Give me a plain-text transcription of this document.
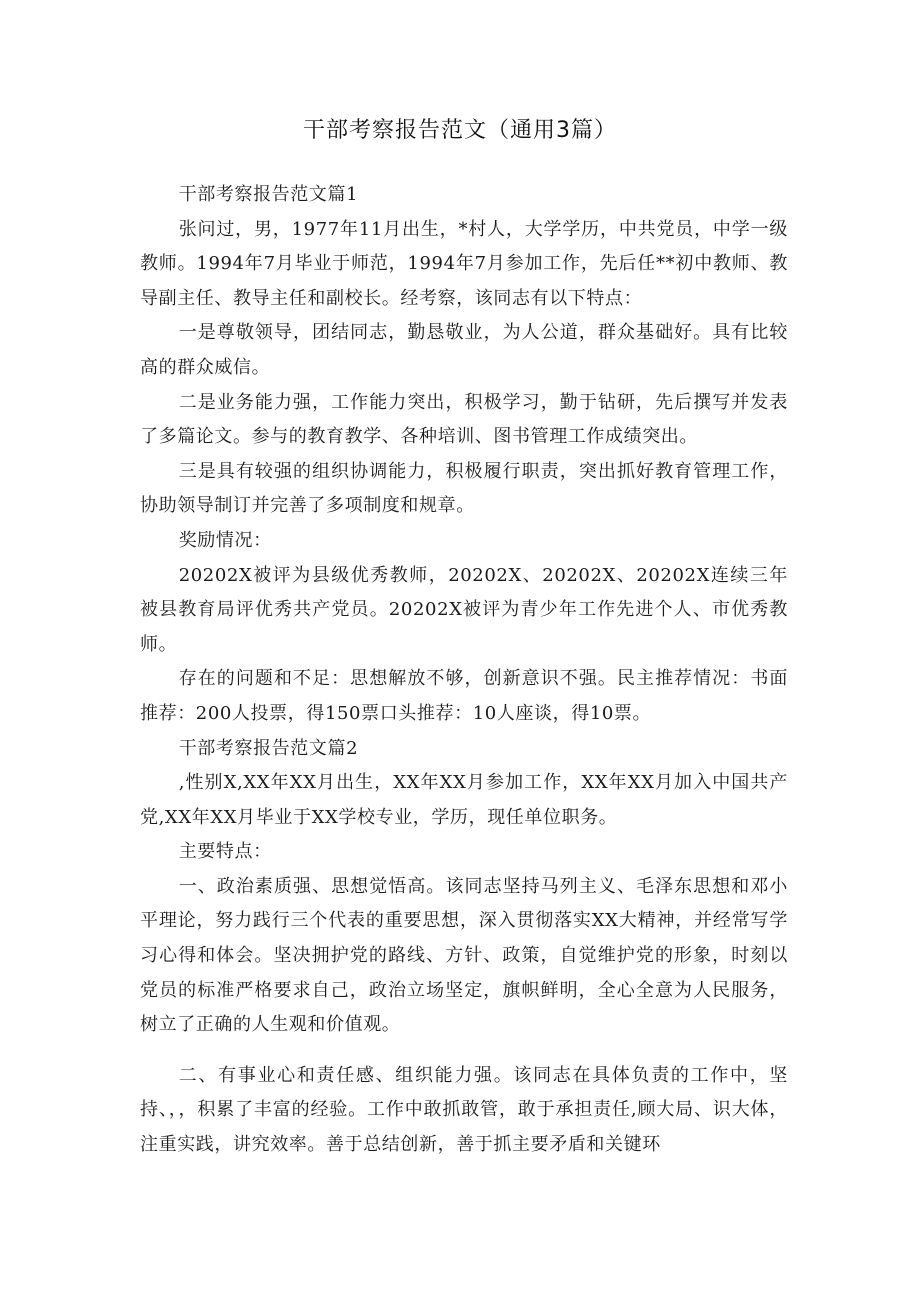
干部考察报告范文（通用3篇）

干部考察报告范文篇1

张问过，男，1977年11月出生，*村人，大学学历，中共党员，中学一级教师。1994年7月毕业于师范，1994年7月参加工作，先后任**初中教师、教导副主任、教导主任和副校长。经考察，该同志有以下特点：

一是尊敬领导，团结同志，勤恳敬业，为人公道，群众基础好。具有比较高的群众威信。

二是业务能力强，工作能力突出，积极学习，勤于钻研，先后撰写并发表了多篇论文。参与的教育教学、各种培训、图书管理工作成绩突出。

三是具有较强的组织协调能力，积极履行职责，突出抓好教育管理工作，协助领导制订并完善了多项制度和规章。

奖励情况：

20202X被评为县级优秀教师，20202X、20202X、20202X连续三年被县教育局评优秀共产党员。20202X被评为青少年工作先进个人、市优秀教师。

存在的问题和不足：思想解放不够，创新意识不强。民主推荐情况：书面推荐：200人投票，得150票口头推荐：10人座谈，得10票。

干部考察报告范文篇2

,性别X,XX年XX月出生，XX年XX月参加工作，XX年XX月加入中国共产党,XX年XX月毕业于XX学校专业，学历，现任单位职务。

主要特点：

一、政治素质强、思想觉悟高。该同志坚持马列主义、毛泽东思想和邓小平理论，努力践行三个代表的重要思想，深入贯彻落实XX大精神，并经常写学习心得和体会。坚决拥护党的路线、方针、政策，自觉维护党的形象，时刻以党员的标准严格要求自己，政治立场坚定，旗帜鲜明，全心全意为人民服务，树立了正确的人生观和价值观。

二、有事业心和责任感、组织能力强。该同志在具体负责的工作中，坚持、，，积累了丰富的经验。工作中敢抓敢管，敢于承担责任,顾大局、识大体，注重实践，讲究效率。善于总结创新，善于抓主要矛盾和关键环
